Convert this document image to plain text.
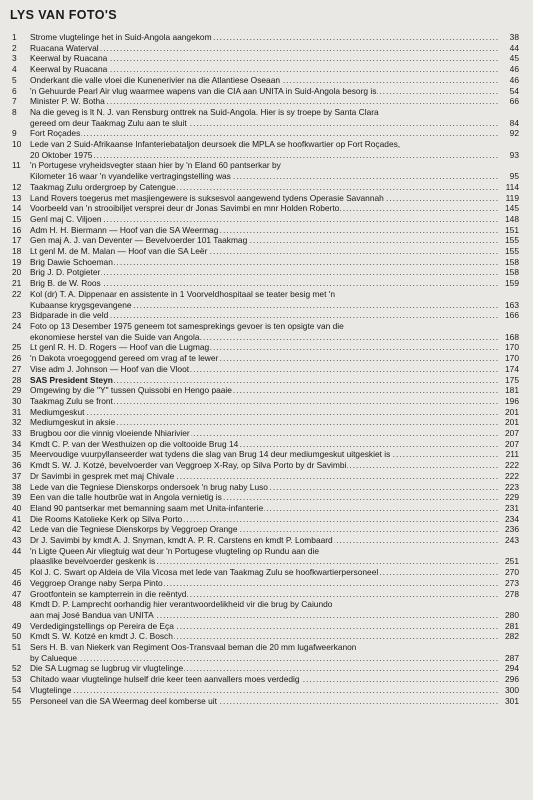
LYS VAN FOTO'S
1	Strome vlugtelinge het in Suid-Angola aangekom .....	38
2	Ruacana Waterval .....	44
3	Keerwal by Ruacana .....	45
4	Keerwal by Ruacana .....	46
5	Onderkant die valle vloei die Kunenerivier na die Atlantiese Oseaan .....	46
6	'n Gehuurde Pearl Air vlug waarmee wapens van die CIA aan UNITA in Suid-Angola besorg is .....	54
7	Minister P. W. Botha .....	66
8	Na die geveg is lt N. J. van Rensburg onttrek na Suid-Angola. Hier is sy troepe by Santa Clara
gereed om deur Taakmag Zulu aan te sluit .....	84
9	Fort Roçades .....	92
10	Lede van 2 Suid-Afrikaanse Infanteriebataljon deursoek die MPLA se hoofkwartier op Fort Roçades,
20 Oktober 1975 .....	93
11	'n Portugese vryheidsvegter staan hier by 'n Eland 60 pantserkar by
Kilometer 16 waar 'n vyandelike vertragingstelling was .....	95
12	Taakmag Zulu ordergroep by Catengue .....	114
13	Land Rovers toegerus met masjiengewere is suksesvol aangewend tydens Operasie Savannah .....	119
14	Voorbeeld van 'n strooibiljet versprei deur dr Jonas Savimbi en mnr Holden Roberto .....	145
15	Genl maj C. Viljoen .....	148
16	Adm H. H. Biermann — Hoof van die SA Weermag .....	151
17	Gen maj A. J. van Deventer — Bevelvoerder 101 Taakmag .....	155
18	Lt genl M. de M. Malan — Hoof van die SA Leër .....	155
19	Brig Dawie Schoeman .....	158
20	Brig J. D. Potgieter .....	158
21	Brig B. de W. Roos .....	159
22	Kol (dr) T. A. Dippenaar en assistente in 1 Voorveldhospitaal se teater besig met 'n
Kubaanse krygsgevangene .....	163
23	Bidparade in die veld .....	166
24	Foto op 13 Desember 1975 geneem tot samesprekings gevoer is ten opsigte van die
ekonomiese herstel van die Suide van Angola .....	168
25	Lt genl R. H. D. Rogers — Hoof van die Lugmag .....	170
26	'n Dakota vroegoggend gereed om vrag af te lewer .....	170
27	Vise adm J. Johnson — Hoof van die Vloot .....	174
28	SAS President Steyn .....	175
29	Omgewing by die "Y" tussen Quissobi en Hengo paaie .....	181
30	Taakmag Zulu se front .....	196
31	Mediumgeskut .....	201
32	Mediumgeskut in aksie .....	201
33	Brugbou oor die vinnig vloeiende Nhiarivier .....	207
34	Kmdt C. P. van der Westhuizen op die voltooide Brug 14 .....	207
35	Meervoudige vuurpyllanseerder wat tydens die slag van Brug 14 deur mediumgeskut uitgeskiet is .....	211
36	Kmdt S. W. J. Kotzé, bevelvoerder van Veggroep X-Ray, op Silva Porto by dr Savimbi .....	222
37	Dr Savimbi in gesprek met maj Chivale .....	222
38	Lede van die Tegniese Dienskorps ondersoek 'n brug naby Luso .....	223
39	Een van die talle houtbrûe wat in Angola vernietig is .....	229
40	Eland 90 pantserkar met bemanning saam met Unita-infanterie .....	231
41	Die Rooms Katolieke Kerk op Silva Porto .....	234
42	Lede van die Tegniese Dienskorps by Veggroep Orange .....	236
43	Dr J. Savimbi by kmdt A. J. Snyman, kmdt A. P. R. Carstens en kmdt P. Lombaard .....	243
44	'n Ligte Queen Air vliegtuig wat deur 'n Portugese vlugteling op Rundu aan die
plaaslike bevelvoerder geskenk is .....	251
45	Kol J. C. Swart op Aldeia de Vila Vicosa met lede van Taakmag Zulu se hoofkwartierpersoneel .....	270
46	Veggroep Orange naby Serpa Pinto .....	273
47	Grootfontein se kampterrein in die reëntyd .....	278
48	Kmdt D. P. Lamprecht oorhandig hier verantwoordelikheid vir die brug by Caiundo
aan maj José Bandua van UNITA .....	280
49	Verdedigingstellings op Pereira de Eça .....	281
50	Kmdt S. W. Kotzé en kmdt J. C. Bosch .....	282
51	Sers H. B. van Niekerk van Regiment Oos-Transvaal beman die 20 mm lugafweerkanon
by Calueque .....	287
52	Die SA Lugmag se lugbrug vir vlugtelinge .....	294
53	Chitado waar vlugtelinge hulself drie keer teen aanvallers moes verdedig .....	296
54	Vlugtelinge .....	300
55	Personeel van die SA Weermag deel komberse uit .....	301
